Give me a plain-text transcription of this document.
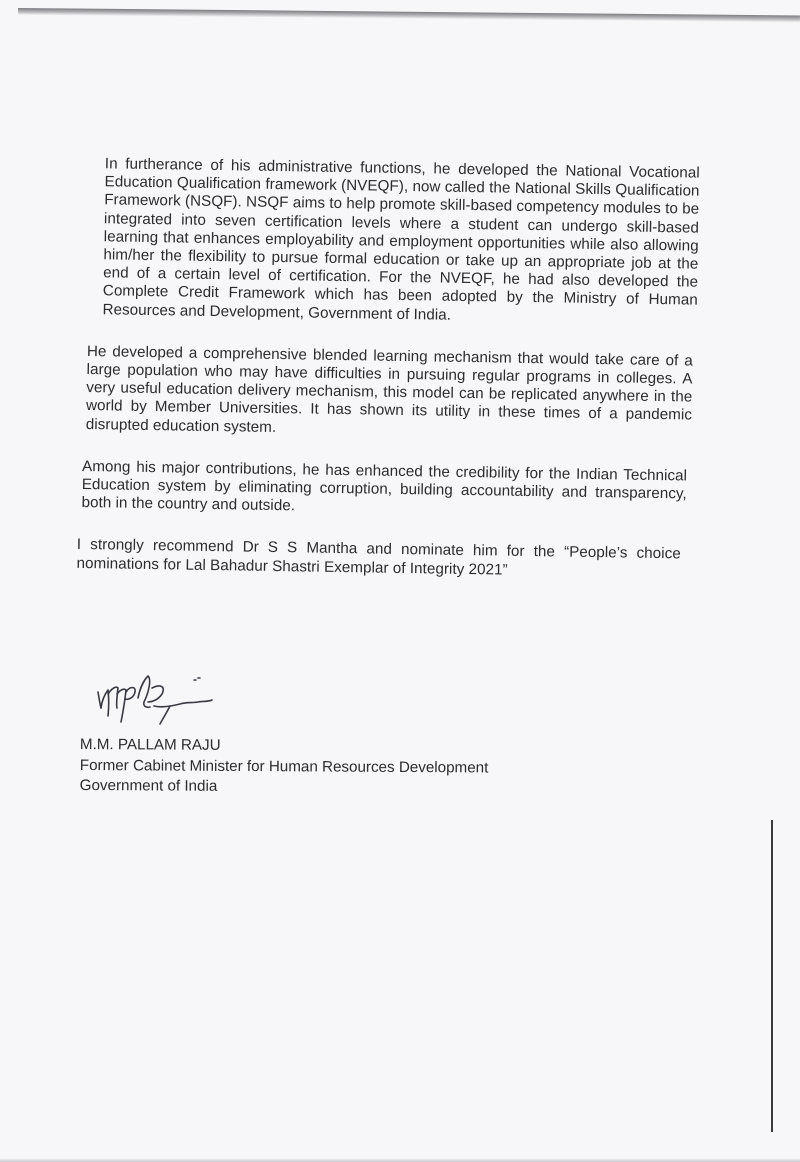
In furtherance of his administrative functions, he developed the National Vocational Education Qualification framework (NVEQF), now called the National Skills Qualification Framework (NSQF). NSQF aims to help promote skill-based competency modules to be integrated into seven certification levels where a student can undergo skill-based learning that enhances employability and employment opportunities while also allowing him/her the flexibility to pursue formal education or take up an appropriate job at the end of a certain level of certification. For the NVEQF, he had also developed the Complete Credit Framework which has been adopted by the Ministry of Human Resources and Development, Government of India.

He developed a comprehensive blended learning mechanism that would take care of a large population who may have difficulties in pursuing regular programs in colleges. A very useful education delivery mechanism, this model can be replicated anywhere in the world by Member Universities. It has shown its utility in these times of a pandemic disrupted education system.

Among his major contributions, he has enhanced the credibility for the Indian Technical Education system by eliminating corruption, building accountability and transparency, both in the country and outside.

I strongly recommend Dr S S Mantha and nominate him for the “People’s choice nominations for Lal Bahadur Shastri Exemplar of Integrity 2021”

M.M. PALLAM RAJU
Former Cabinet Minister for Human Resources Development
Government of India
